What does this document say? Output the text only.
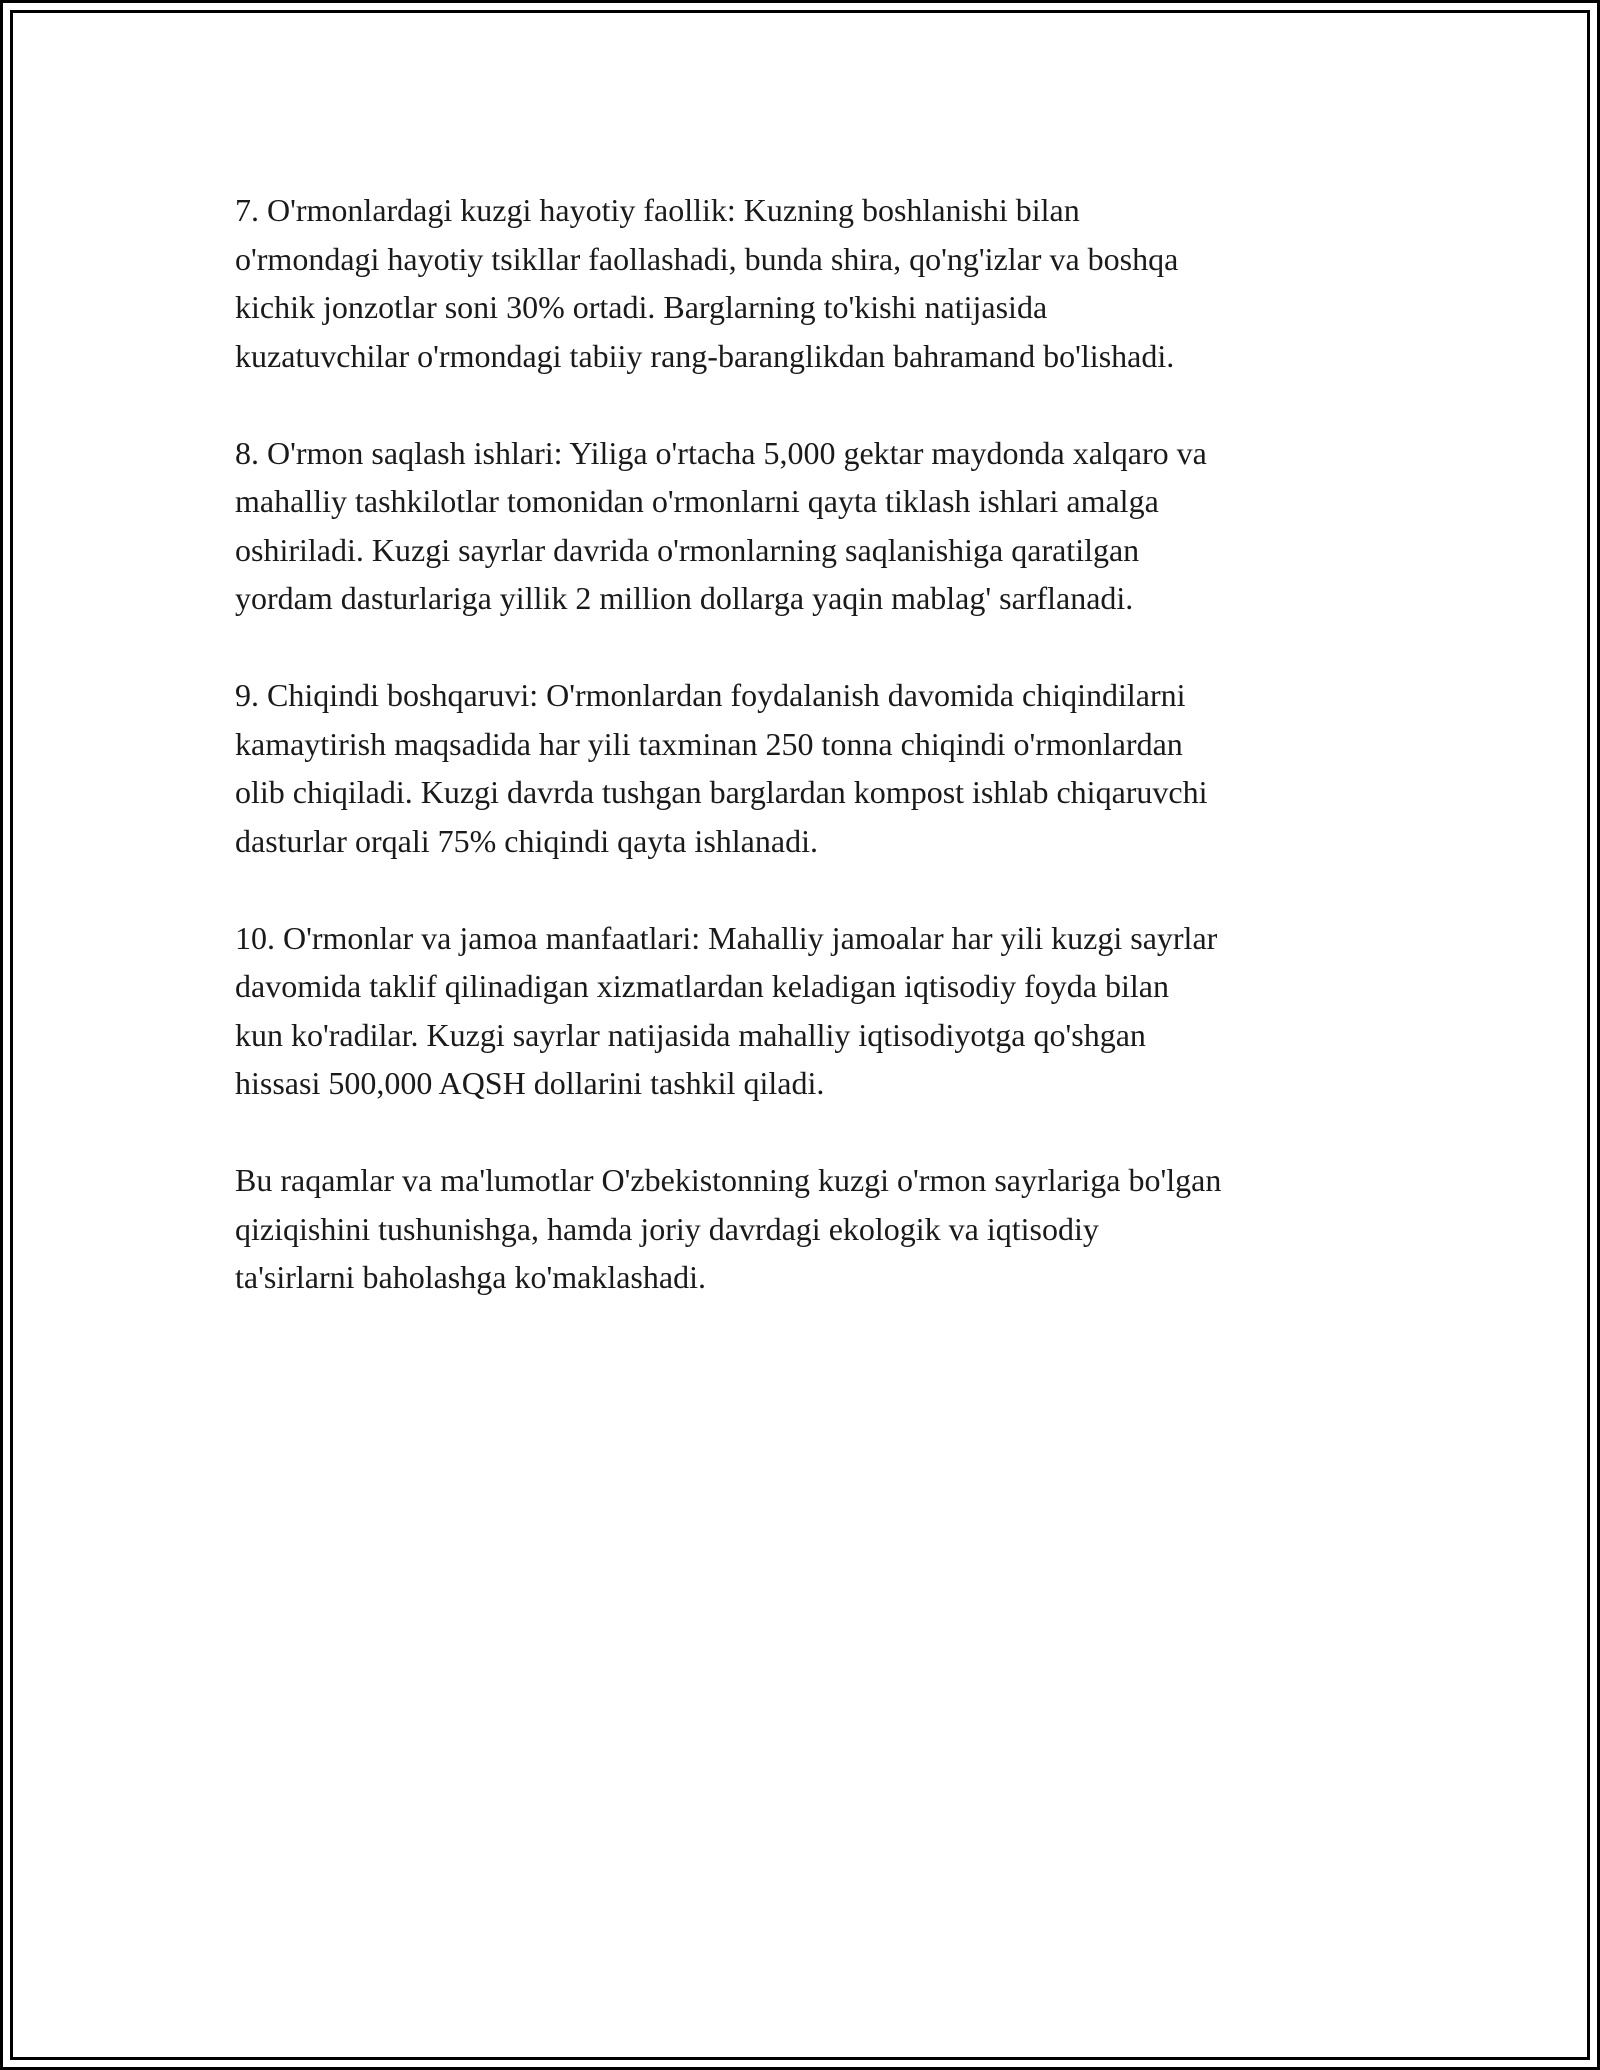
7. O'rmonlardagi kuzgi hayotiy faollik: Kuzning boshlanishi bilan
o'rmondagi hayotiy tsikllar faollashadi, bunda shira, qo'ng'izlar va boshqa
kichik jonzotlar soni 30% ortadi. Barglarning to'kishi natijasida
kuzatuvchilar o'rmondagi tabiiy rang-baranglikdan bahramand bo'lishadi.

8. O'rmon saqlash ishlari: Yiliga o'rtacha 5,000 gektar maydonda xalqaro va
mahalliy tashkilotlar tomonidan o'rmonlarni qayta tiklash ishlari amalga
oshiriladi. Kuzgi sayrlar davrida o'rmonlarning saqlanishiga qaratilgan
yordam dasturlariga yillik 2 million dollarga yaqin mablag' sarflanadi.

9. Chiqindi boshqaruvi: O'rmonlardan foydalanish davomida chiqindilarni
kamaytirish maqsadida har yili taxminan 250 tonna chiqindi o'rmonlardan
olib chiqiladi. Kuzgi davrda tushgan barglardan kompost ishlab chiqaruvchi
dasturlar orqali 75% chiqindi qayta ishlanadi.

10. O'rmonlar va jamoa manfaatlari: Mahalliy jamoalar har yili kuzgi sayrlar
davomida taklif qilinadigan xizmatlardan keladigan iqtisodiy foyda bilan
kun ko'radilar. Kuzgi sayrlar natijasida mahalliy iqtisodiyotga qo'shgan
hissasi 500,000 AQSH dollarini tashkil qiladi.

Bu raqamlar va ma'lumotlar O'zbekistonning kuzgi o'rmon sayrlariga bo'lgan
qiziqishini tushunishga, hamda joriy davrdagi ekologik va iqtisodiy
ta'sirlarni baholashga ko'maklashadi.
